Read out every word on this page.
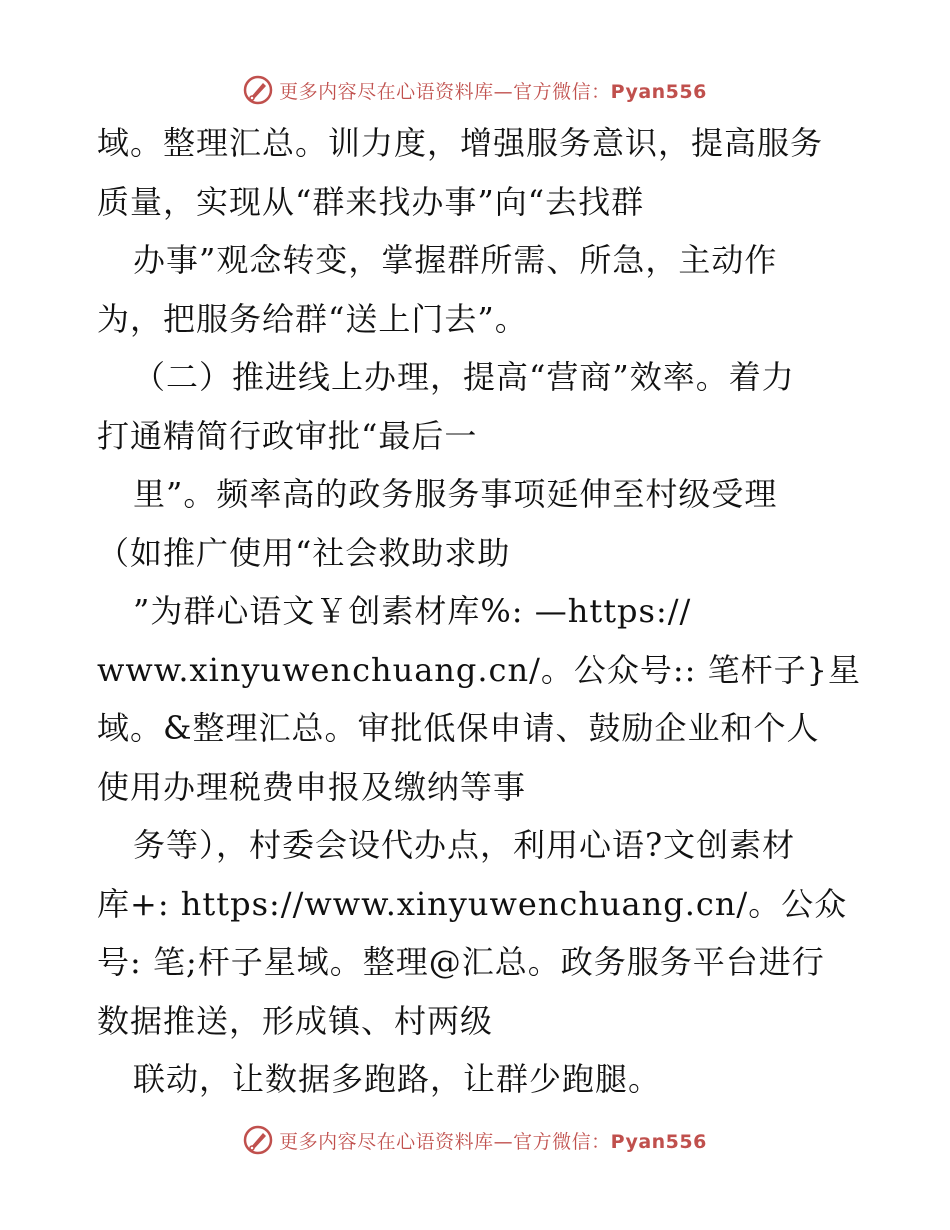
更多内容尽在心语资料库—官方微信：Pyan556
域。整理汇总。训力度，增强服务意识，提高服务
质量，实现从“群来找办事”向“去找群
办事”观念转变，掌握群所需、所急，主动作
为，把服务给群“送上门去”。
（二）推进线上办理，提高“营商”效率。着力
打通精简行政审批“最后一
里”。频率高的政务服务事项延伸至村级受理
（如推广使用“社会救助求助
”为群心语文￥创素材库%: —https://
www.xinyuwenchuang.cn/。公众号:: 笔杆子}星
域。&整理汇总。审批低保申请、鼓励企业和个人
使用办理税费申报及缴纳等事
务等），村委会设代办点，利用心语?文创素材
库+: https://www.xinyuwenchuang.cn/。公众
号: 笔;杆子星域。整理@汇总。政务服务平台进行
数据推送，形成镇、村两级
联动，让数据多跑路，让群少跑腿。
更多内容尽在心语资料库—官方微信：Pyan556
